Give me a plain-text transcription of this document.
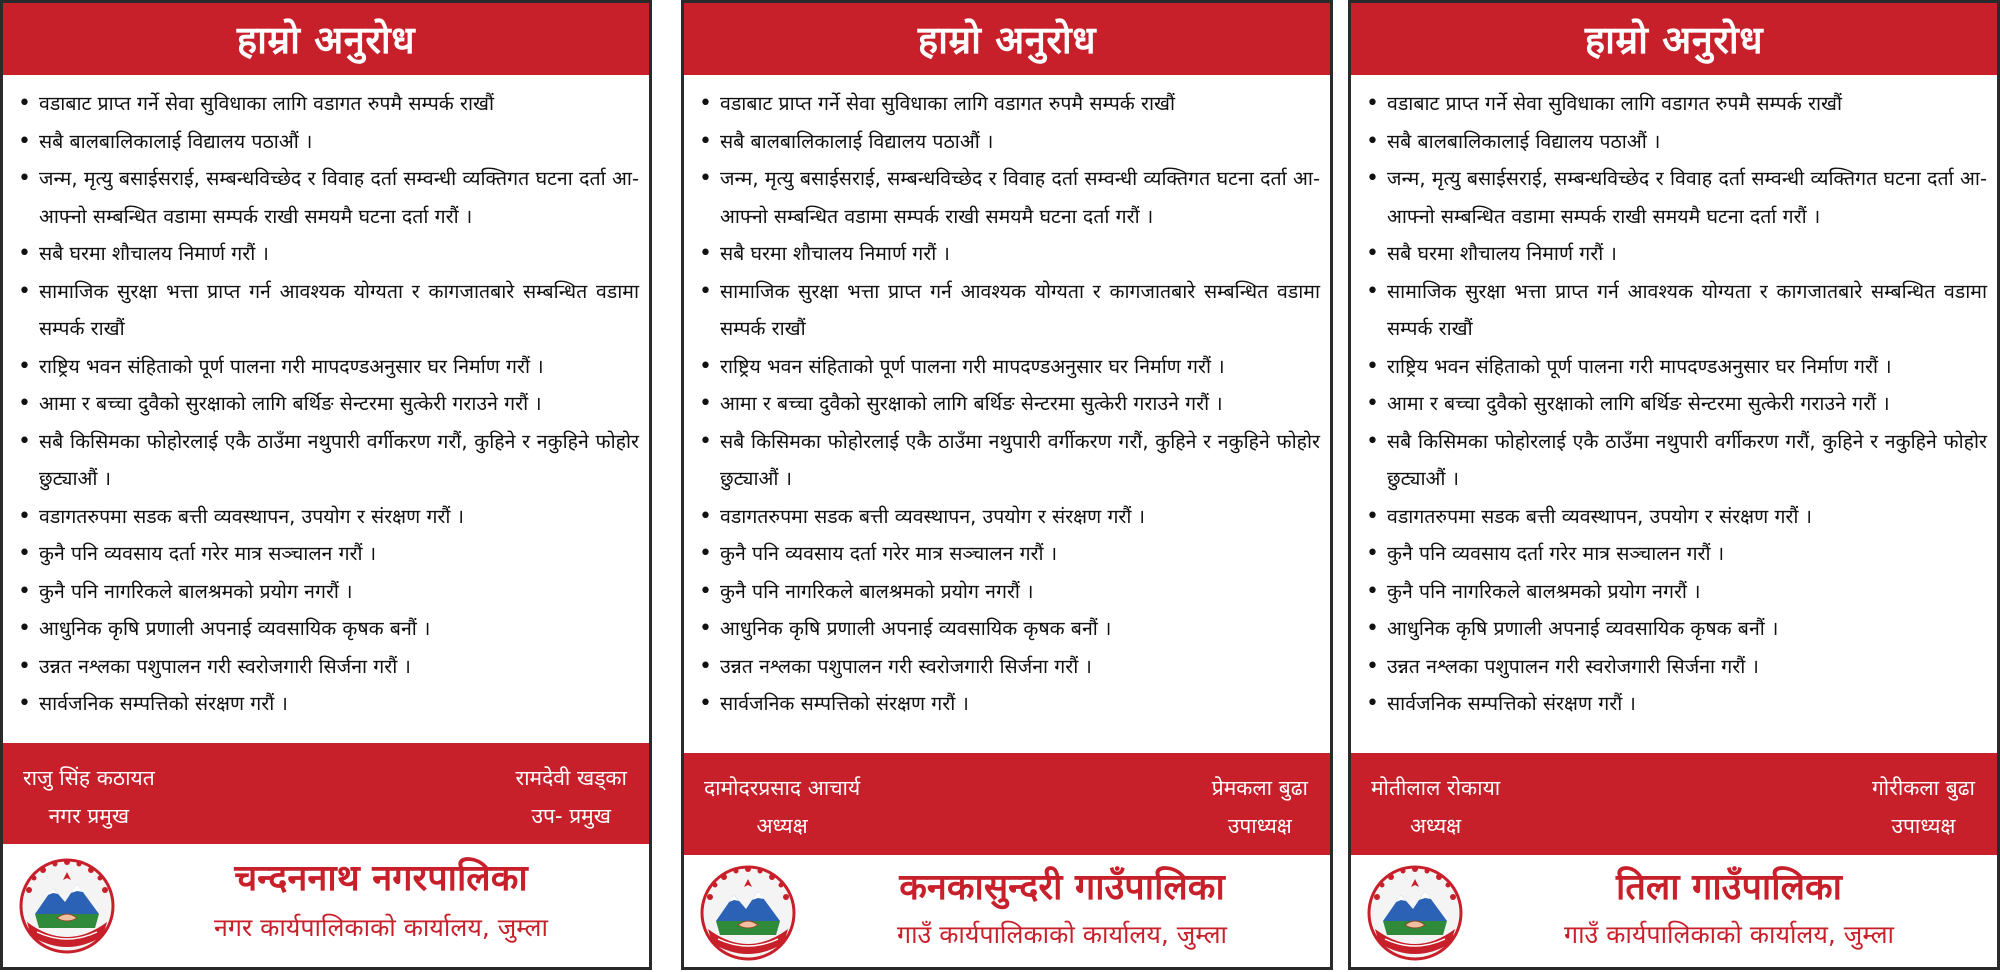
हाम्रो अनुरोध
• वडाबाट प्राप्त गर्ने सेवा सुविधाका लागि वडागत रुपमै सम्पर्क राखौं
• सबै बालबालिकालाई विद्यालय पठाऔं ।
• जन्म, मृत्यु बसाईसराई, सम्बन्धविच्छेद र विवाह दर्ता सम्वन्धी व्यक्तिगत घटना दर्ता आ-आफ्नो सम्बन्धित वडामा सम्पर्क राखी समयमै घटना दर्ता गरौं ।
• सबै घरमा शौचालय निमार्ण गरौं ।
• सामाजिक सुरक्षा भत्ता प्राप्त गर्न आवश्यक योग्यता र कागजातबारे सम्बन्धित वडामा सम्पर्क राखौं
• राष्ट्रिय भवन संहिताको पूर्ण पालना गरी मापदण्डअनुसार घर निर्माण गरौं ।
• आमा र बच्चा दुवैको सुरक्षाको लागि बर्थिङ सेन्टरमा सुत्केरी गराउने गरौं ।
• सबै किसिमका फोहोरलाई एकै ठाउँमा नथुपारी वर्गीकरण गरौं, कुहिने र नकुहिने फोहोर छुट्याऔं ।
• वडागतरुपमा सडक बत्ती व्यवस्थापन, उपयोग र संरक्षण गरौं ।
• कुनै पनि व्यवसाय दर्ता गरेर मात्र सञ्चालन गरौं ।
• कुनै पनि नागरिकले बालश्रमको प्रयोग नगरौं ।
• आधुनिक कृषि प्रणाली अपनाई व्यवसायिक कृषक बनौं ।
• उन्नत नश्लका पशुपालन गरी स्वरोजगारी सिर्जना गरौं ।
• सार्वजनिक सम्पत्तिको संरक्षण गरौं ।
राजु सिंह कठायत
नगर प्रमुख
रामदेवी खड्का
उप- प्रमुख
चन्दननाथ नगरपालिका
नगर कार्यपालिकाको कार्यालय, जुम्ला
हाम्रो अनुरोध
• वडाबाट प्राप्त गर्ने सेवा सुविधाका लागि वडागत रुपमै सम्पर्क राखौं
• सबै बालबालिकालाई विद्यालय पठाऔं ।
• जन्म, मृत्यु बसाईसराई, सम्बन्धविच्छेद र विवाह दर्ता सम्वन्धी व्यक्तिगत घटना दर्ता आ-आफ्नो सम्बन्धित वडामा सम्पर्क राखी समयमै घटना दर्ता गरौं ।
• सबै घरमा शौचालय निमार्ण गरौं ।
• सामाजिक सुरक्षा भत्ता प्राप्त गर्न आवश्यक योग्यता र कागजातबारे सम्बन्धित वडामा सम्पर्क राखौं
• राष्ट्रिय भवन संहिताको पूर्ण पालना गरी मापदण्डअनुसार घर निर्माण गरौं ।
• आमा र बच्चा दुवैको सुरक्षाको लागि बर्थिङ सेन्टरमा सुत्केरी गराउने गरौं ।
• सबै किसिमका फोहोरलाई एकै ठाउँमा नथुपारी वर्गीकरण गरौं, कुहिने र नकुहिने फोहोर छुट्याऔं ।
• वडागतरुपमा सडक बत्ती व्यवस्थापन, उपयोग र संरक्षण गरौं ।
• कुनै पनि व्यवसाय दर्ता गरेर मात्र सञ्चालन गरौं ।
• कुनै पनि नागरिकले बालश्रमको प्रयोग नगरौं ।
• आधुनिक कृषि प्रणाली अपनाई व्यवसायिक कृषक बनौं ।
• उन्नत नश्लका पशुपालन गरी स्वरोजगारी सिर्जना गरौं ।
• सार्वजनिक सम्पत्तिको संरक्षण गरौं ।
दामोदरप्रसाद आचार्य
अध्यक्ष
प्रेमकला बुढा
उपाध्यक्ष
कनकासुन्दरी गाउँपालिका
गाउँ कार्यपालिकाको कार्यालय, जुम्ला
हाम्रो अनुरोध
• वडाबाट प्राप्त गर्ने सेवा सुविधाका लागि वडागत रुपमै सम्पर्क राखौं
• सबै बालबालिकालाई विद्यालय पठाऔं ।
• जन्म, मृत्यु बसाईसराई, सम्बन्धविच्छेद र विवाह दर्ता सम्वन्धी व्यक्तिगत घटना दर्ता आ-आफ्नो सम्बन्धित वडामा सम्पर्क राखी समयमै घटना दर्ता गरौं ।
• सबै घरमा शौचालय निमार्ण गरौं ।
• सामाजिक सुरक्षा भत्ता प्राप्त गर्न आवश्यक योग्यता र कागजातबारे सम्बन्धित वडामा सम्पर्क राखौं
• राष्ट्रिय भवन संहिताको पूर्ण पालना गरी मापदण्डअनुसार घर निर्माण गरौं ।
• आमा र बच्चा दुवैको सुरक्षाको लागि बर्थिङ सेन्टरमा सुत्केरी गराउने गरौं ।
• सबै किसिमका फोहोरलाई एकै ठाउँमा नथुपारी वर्गीकरण गरौं, कुहिने र नकुहिने फोहोर छुट्याऔं ।
• वडागतरुपमा सडक बत्ती व्यवस्थापन, उपयोग र संरक्षण गरौं ।
• कुनै पनि व्यवसाय दर्ता गरेर मात्र सञ्चालन गरौं ।
• कुनै पनि नागरिकले बालश्रमको प्रयोग नगरौं ।
• आधुनिक कृषि प्रणाली अपनाई व्यवसायिक कृषक बनौं ।
• उन्नत नश्लका पशुपालन गरी स्वरोजगारी सिर्जना गरौं ।
• सार्वजनिक सम्पत्तिको संरक्षण गरौं ।
मोतीलाल रोकाया
अध्यक्ष
गोरीकला बुढा
उपाध्यक्ष
तिला गाउँपालिका
गाउँ कार्यपालिकाको कार्यालय, जुम्ला
